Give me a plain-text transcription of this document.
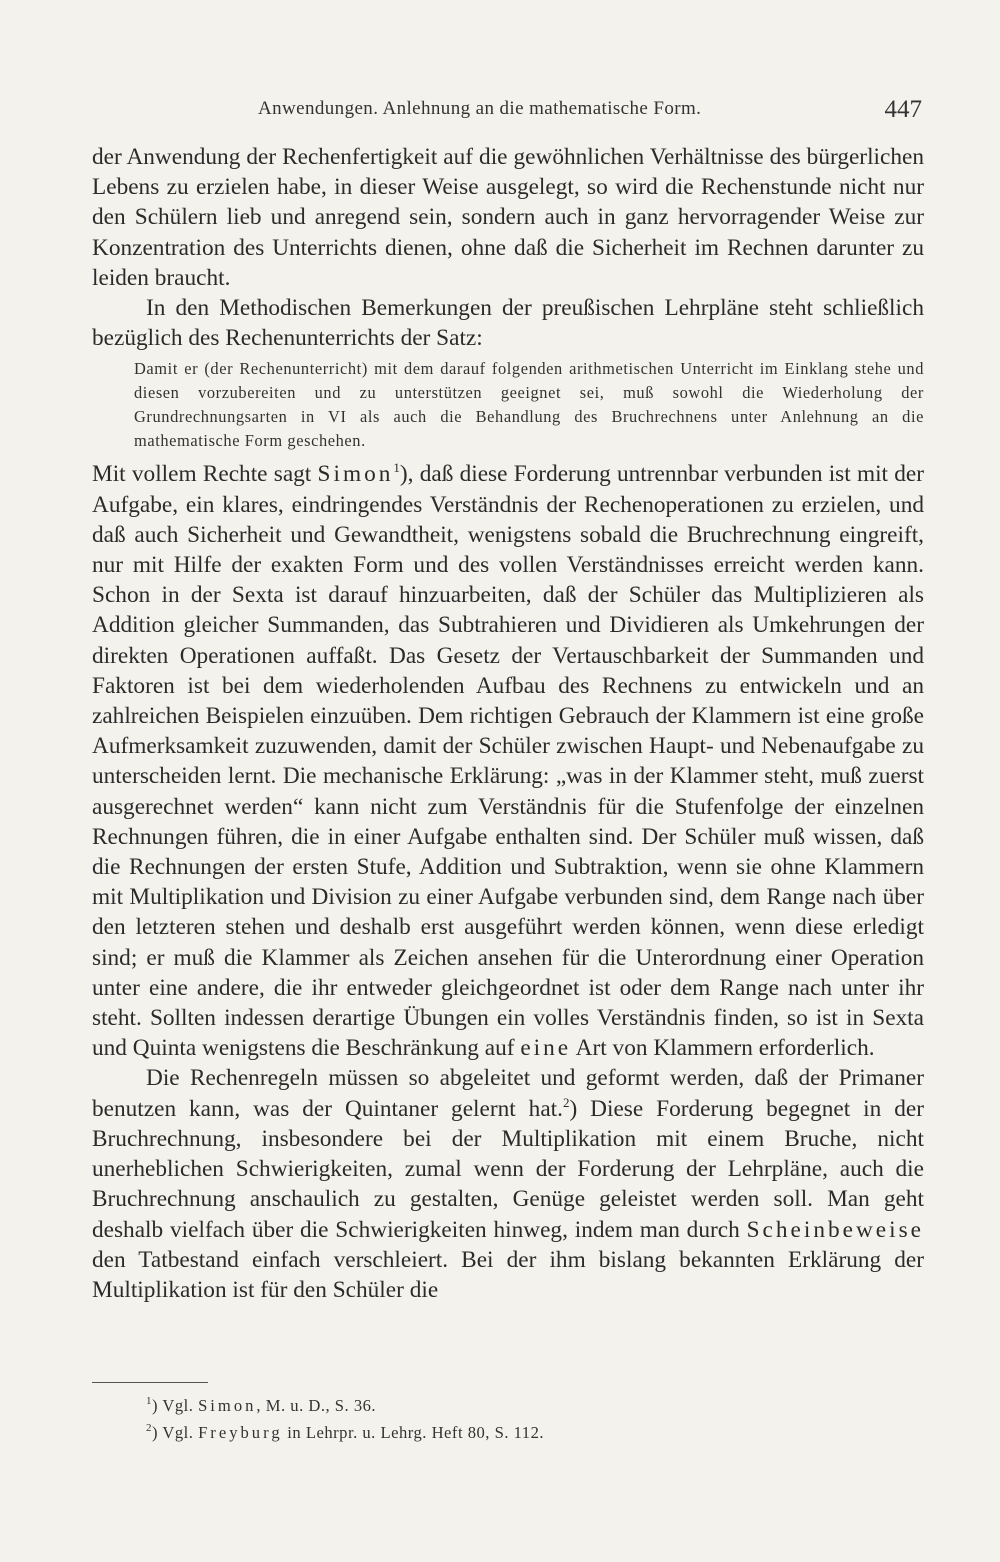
Anwendungen. Anlehnung an die mathematische Form.	447

der Anwendung der Rechenfertigkeit auf die gewöhnlichen Verhältnisse des bürgerlichen Lebens zu erzielen habe, in dieser Weise ausgelegt, so wird die Rechenstunde nicht nur den Schülern lieb und anregend sein, sondern auch in ganz hervorragender Weise zur Konzentration des Unterrichts dienen, ohne daß die Sicherheit im Rechnen darunter zu leiden braucht.

In den Methodischen Bemerkungen der preußischen Lehrpläne steht schließlich bezüglich des Rechenunterrichts der Satz:

Damit er (der Rechenunterricht) mit dem darauf folgenden arithmetischen Unterricht im Einklang stehe und diesen vorzubereiten und zu unterstützen geeignet sei, muß sowohl die Wiederholung der Grundrechnungsarten in VI als auch die Behandlung des Bruchrechnens unter Anlehnung an die mathematische Form geschehen.

Mit vollem Rechte sagt Simon$^1$), daß diese Forderung untrennbar verbunden ist mit der Aufgabe, ein klares, eindringendes Verständnis der Rechenoperationen zu erzielen, und daß auch Sicherheit und Gewandtheit, wenigstens sobald die Bruchrechnung eingreift, nur mit Hilfe der exakten Form und des vollen Verständnisses erreicht werden kann. Schon in der Sexta ist darauf hinzuarbeiten, daß der Schüler das Multiplizieren als Addition gleicher Summanden, das Subtrahieren und Dividieren als Umkehrungen der direkten Operationen auffaßt. Das Gesetz der Vertauschbarkeit der Summanden und Faktoren ist bei dem wiederholenden Aufbau des Rechnens zu entwickeln und an zahlreichen Beispielen einzuüben. Dem richtigen Gebrauch der Klammern ist eine große Aufmerksamkeit zuzuwenden, damit der Schüler zwischen Haupt- und Nebenaufgabe zu unterscheiden lernt. Die mechanische Erklärung: „was in der Klammer steht, muß zuerst ausgerechnet werden“ kann nicht zum Verständnis für die Stufenfolge der einzelnen Rechnungen führen, die in einer Aufgabe enthalten sind. Der Schüler muß wissen, daß die Rechnungen der ersten Stufe, Addition und Subtraktion, wenn sie ohne Klammern mit Multiplikation und Division zu einer Aufgabe verbunden sind, dem Range nach über den letzteren stehen und deshalb erst ausgeführt werden können, wenn diese erledigt sind; er muß die Klammer als Zeichen ansehen für die Unterordnung einer Operation unter eine andere, die ihr entweder gleichgeordnet ist oder dem Range nach unter ihr steht. Sollten indessen derartige Übungen ein volles Verständnis finden, so ist in Sexta und Quinta wenigstens die Beschränkung auf eine Art von Klammern erforderlich.

Die Rechenregeln müssen so abgeleitet und geformt werden, daß der Primaner benutzen kann, was der Quintaner gelernt hat.$^2$) Diese Forderung begegnet in der Bruchrechnung, insbesondere bei der Multiplikation mit einem Bruche, nicht unerheblichen Schwierigkeiten, zumal wenn der Forderung der Lehrpläne, auch die Bruchrechnung anschaulich zu gestalten, Genüge geleistet werden soll. Man geht deshalb vielfach über die Schwierigkeiten hinweg, indem man durch Scheinbeweise den Tatbestand einfach verschleiert. Bei der ihm bislang bekannten Erklärung der Multiplikation ist für den Schüler die

$^1$) Vgl. Simon, M. u. D., S. 36.
$^2$) Vgl. Freyburg in Lehrpr. u. Lehrg. Heft 80, S. 112.
